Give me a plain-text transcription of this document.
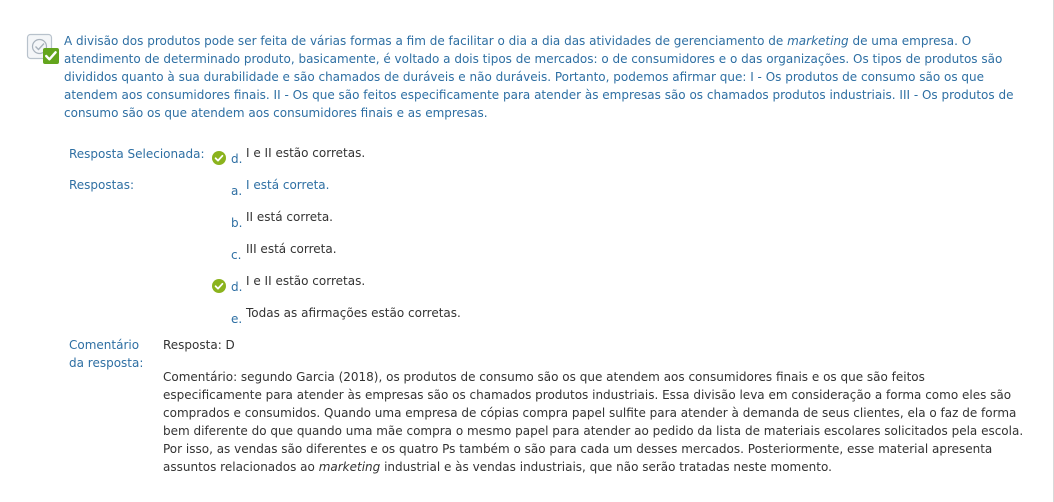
A divisão dos produtos pode ser feita de várias formas a fim de facilitar o dia a dia das atividades de gerenciamento de marketing de uma empresa. O atendimento de determinado produto, basicamente, é voltado a dois tipos de mercados: o de consumidores e o das organizações. Os tipos de produtos são divididos quanto à sua durabilidade e são chamados de duráveis e não duráveis. Portanto, podemos afirmar que: I - Os produtos de consumo são os que atendem aos consumidores finais. II - Os que são feitos especificamente para atender às empresas são os chamados produtos industriais. III - Os produtos de consumo são os que atendem aos consumidores finais e as empresas.
Resposta Selecionada: d. I e II estão corretas.
Respostas:	a. I está correta.
b. II está correta.
c. III está correta.
d. I e II estão corretas.
e. Todas as afirmações estão corretas.
Comentário
da resposta:

Resposta: D

Comentário: segundo Garcia (2018), os produtos de consumo são os que atendem aos consumidores finais e os que são feitos especificamente para atender às empresas são os chamados produtos industriais. Essa divisão leva em consideração a forma como eles são comprados e consumidos. Quando uma empresa de cópias compra papel sulfite para atender à demanda de seus clientes, ela o faz de forma bem diferente do que quando uma mãe compra o mesmo papel para atender ao pedido da lista de materiais escolares solicitados pela escola. Por isso, as vendas são diferentes e os quatro Ps também o são para cada um desses mercados. Posteriormente, esse material apresenta assuntos relacionados ao marketing industrial e às vendas industriais, que não serão tratadas neste momento.
